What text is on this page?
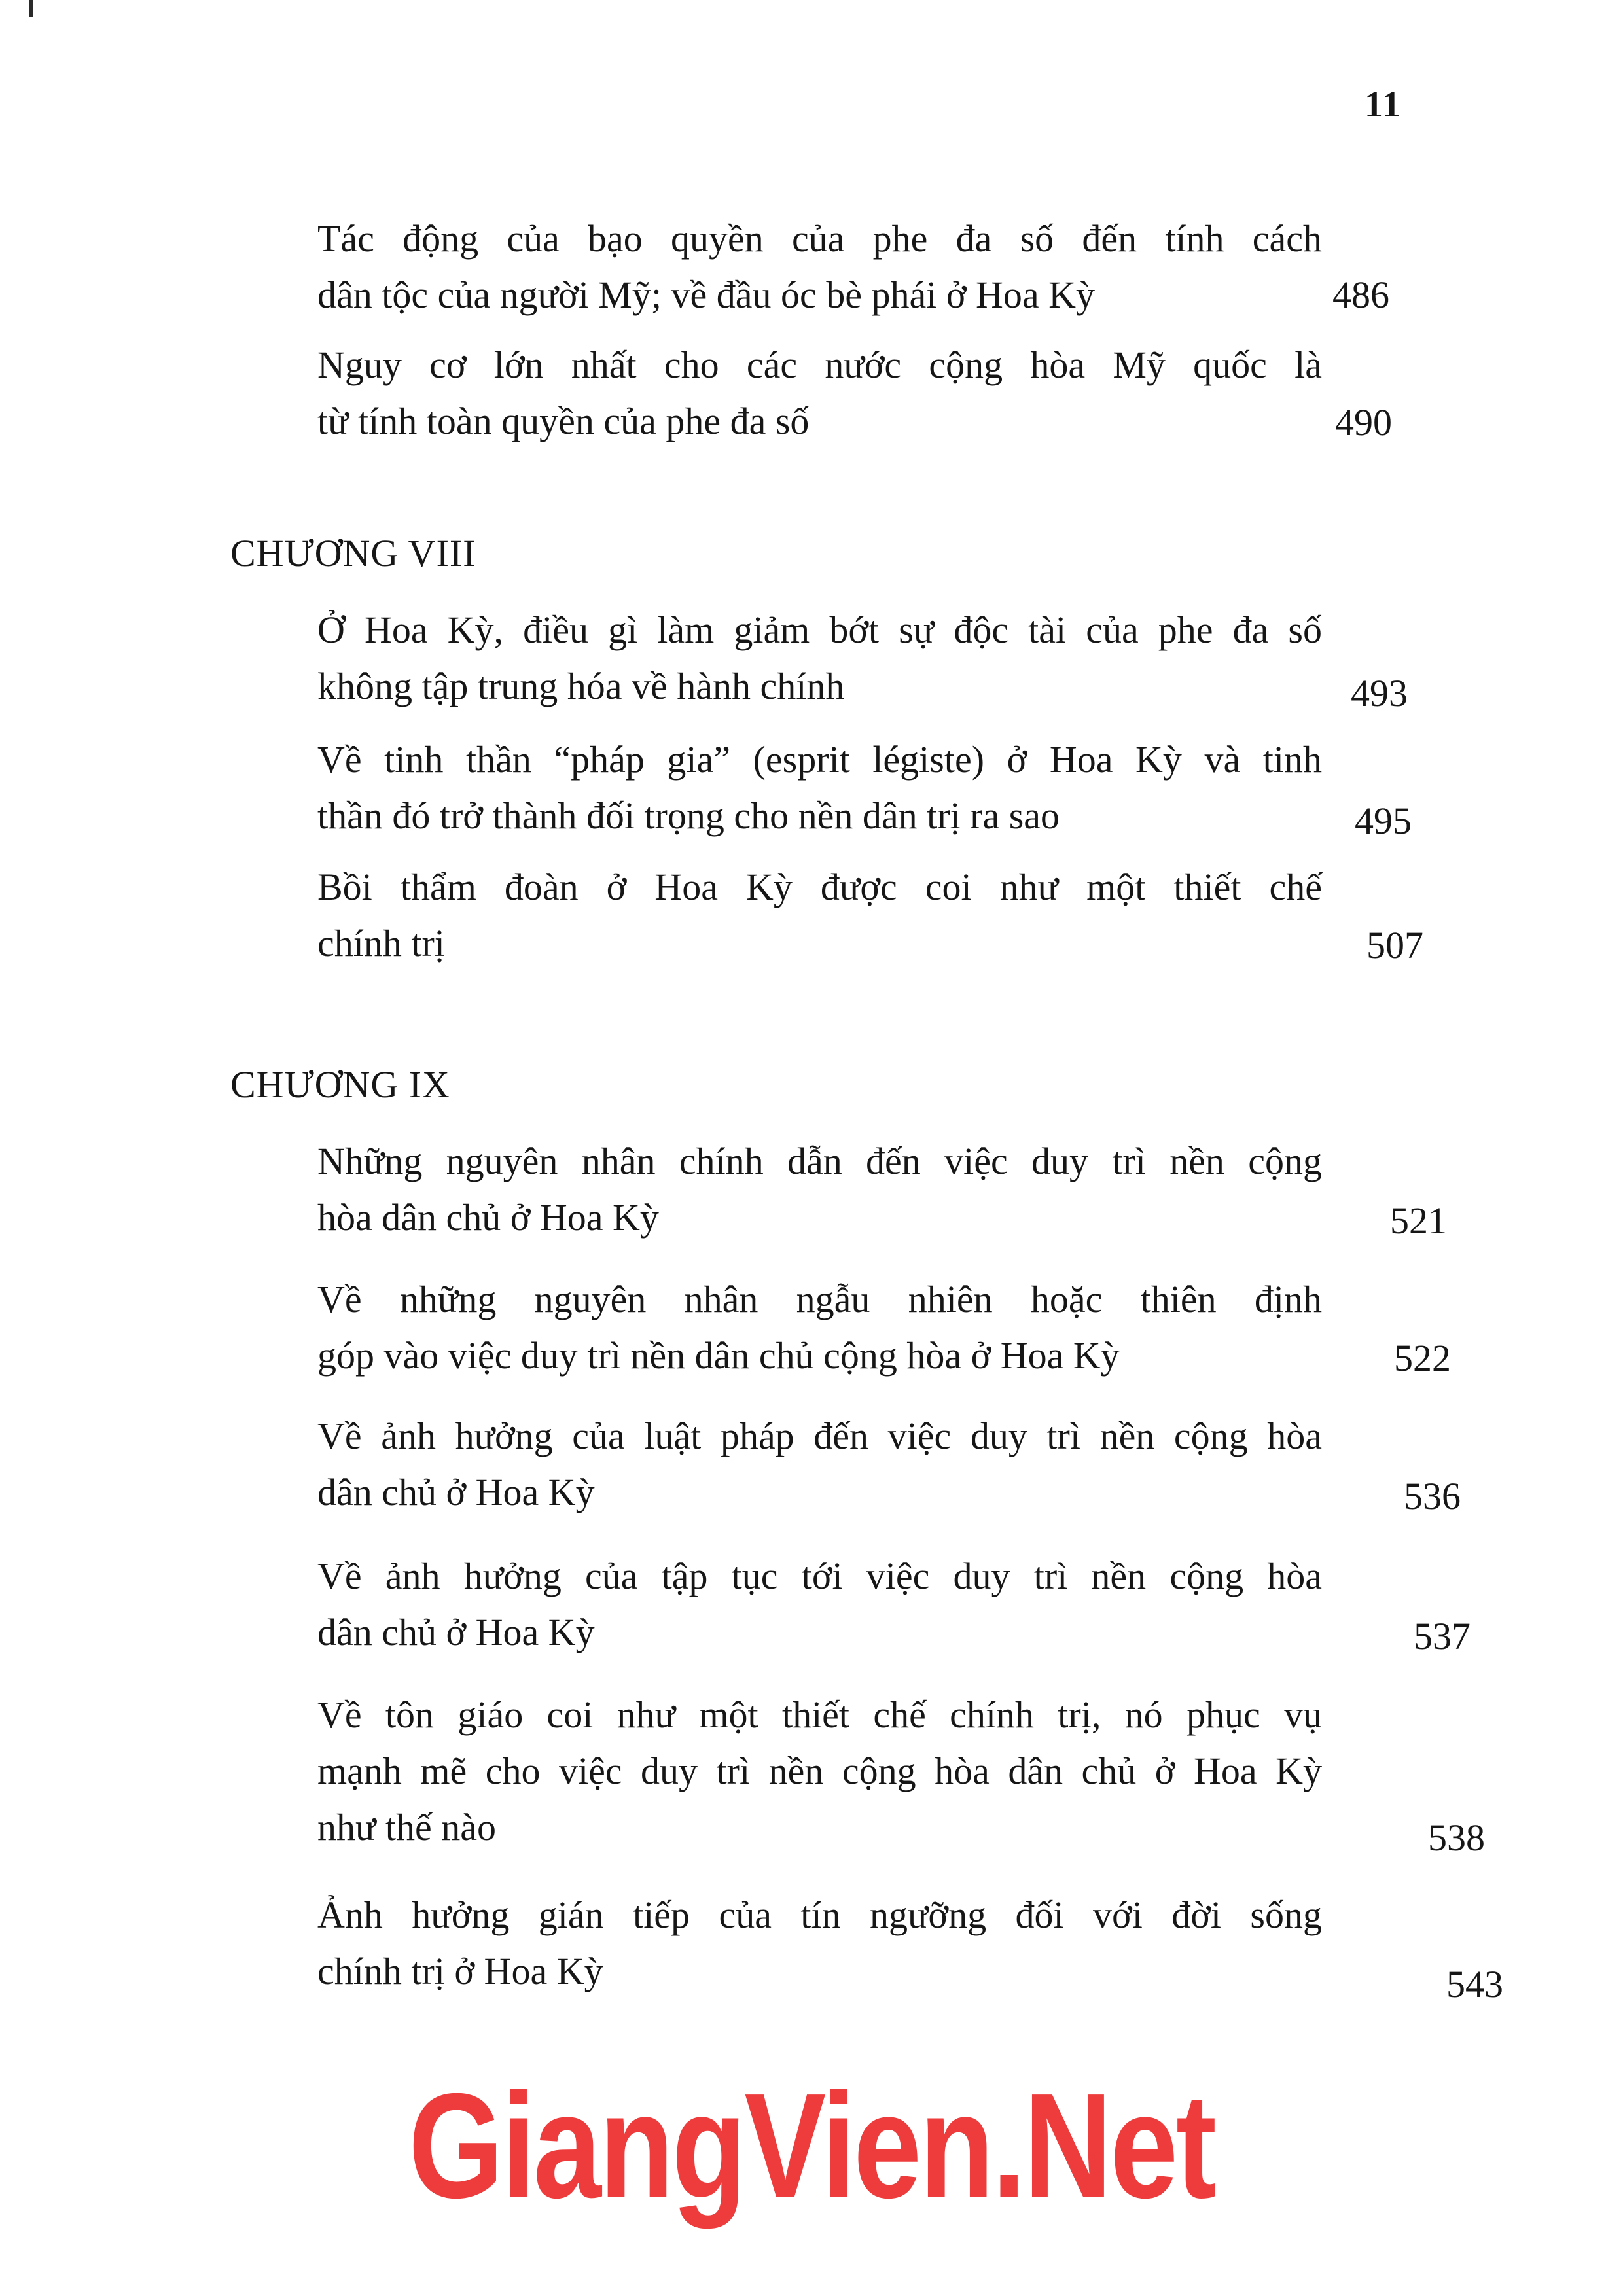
11
Tác động của bạo quyền của phe đa số đến tính cách
dân tộc của người Mỹ; về đầu óc bè phái ở Hoa Kỳ	486
Nguy cơ lớn nhất cho các nước cộng hòa Mỹ quốc là
từ tính toàn quyền của phe đa số	490
CHƯƠNG VIII
Ở Hoa Kỳ, điều gì làm giảm bớt sự độc tài của phe đa số
không tập trung hóa về hành chính	493
Về tinh thần “pháp gia” (esprit légiste) ở Hoa Kỳ và tinh
thần đó trở thành đối trọng cho nền dân trị ra sao	495
Bồi thẩm đoàn ở Hoa Kỳ được coi như một thiết chế
chính trị	507
CHƯƠNG IX
Những nguyên nhân chính dẫn đến việc duy trì nền cộng
hòa dân chủ ở Hoa Kỳ	521
Về những nguyên nhân ngẫu nhiên hoặc thiên định
góp vào việc duy trì nền dân chủ cộng hòa ở Hoa Kỳ	522
Về ảnh hưởng của luật pháp đến việc duy trì nền cộng hòa
dân chủ ở Hoa Kỳ	536
Về ảnh hưởng của tập tục tới việc duy trì nền cộng hòa
dân chủ ở Hoa Kỳ	537
Về tôn giáo coi như một thiết chế chính trị, nó phục vụ
mạnh mẽ cho việc duy trì nền cộng hòa dân chủ ở Hoa Kỳ
như thế nào	538
Ảnh hưởng gián tiếp của tín ngưỡng đối với đời sống
chính trị ở Hoa Kỳ	543
GiangVien.Net
